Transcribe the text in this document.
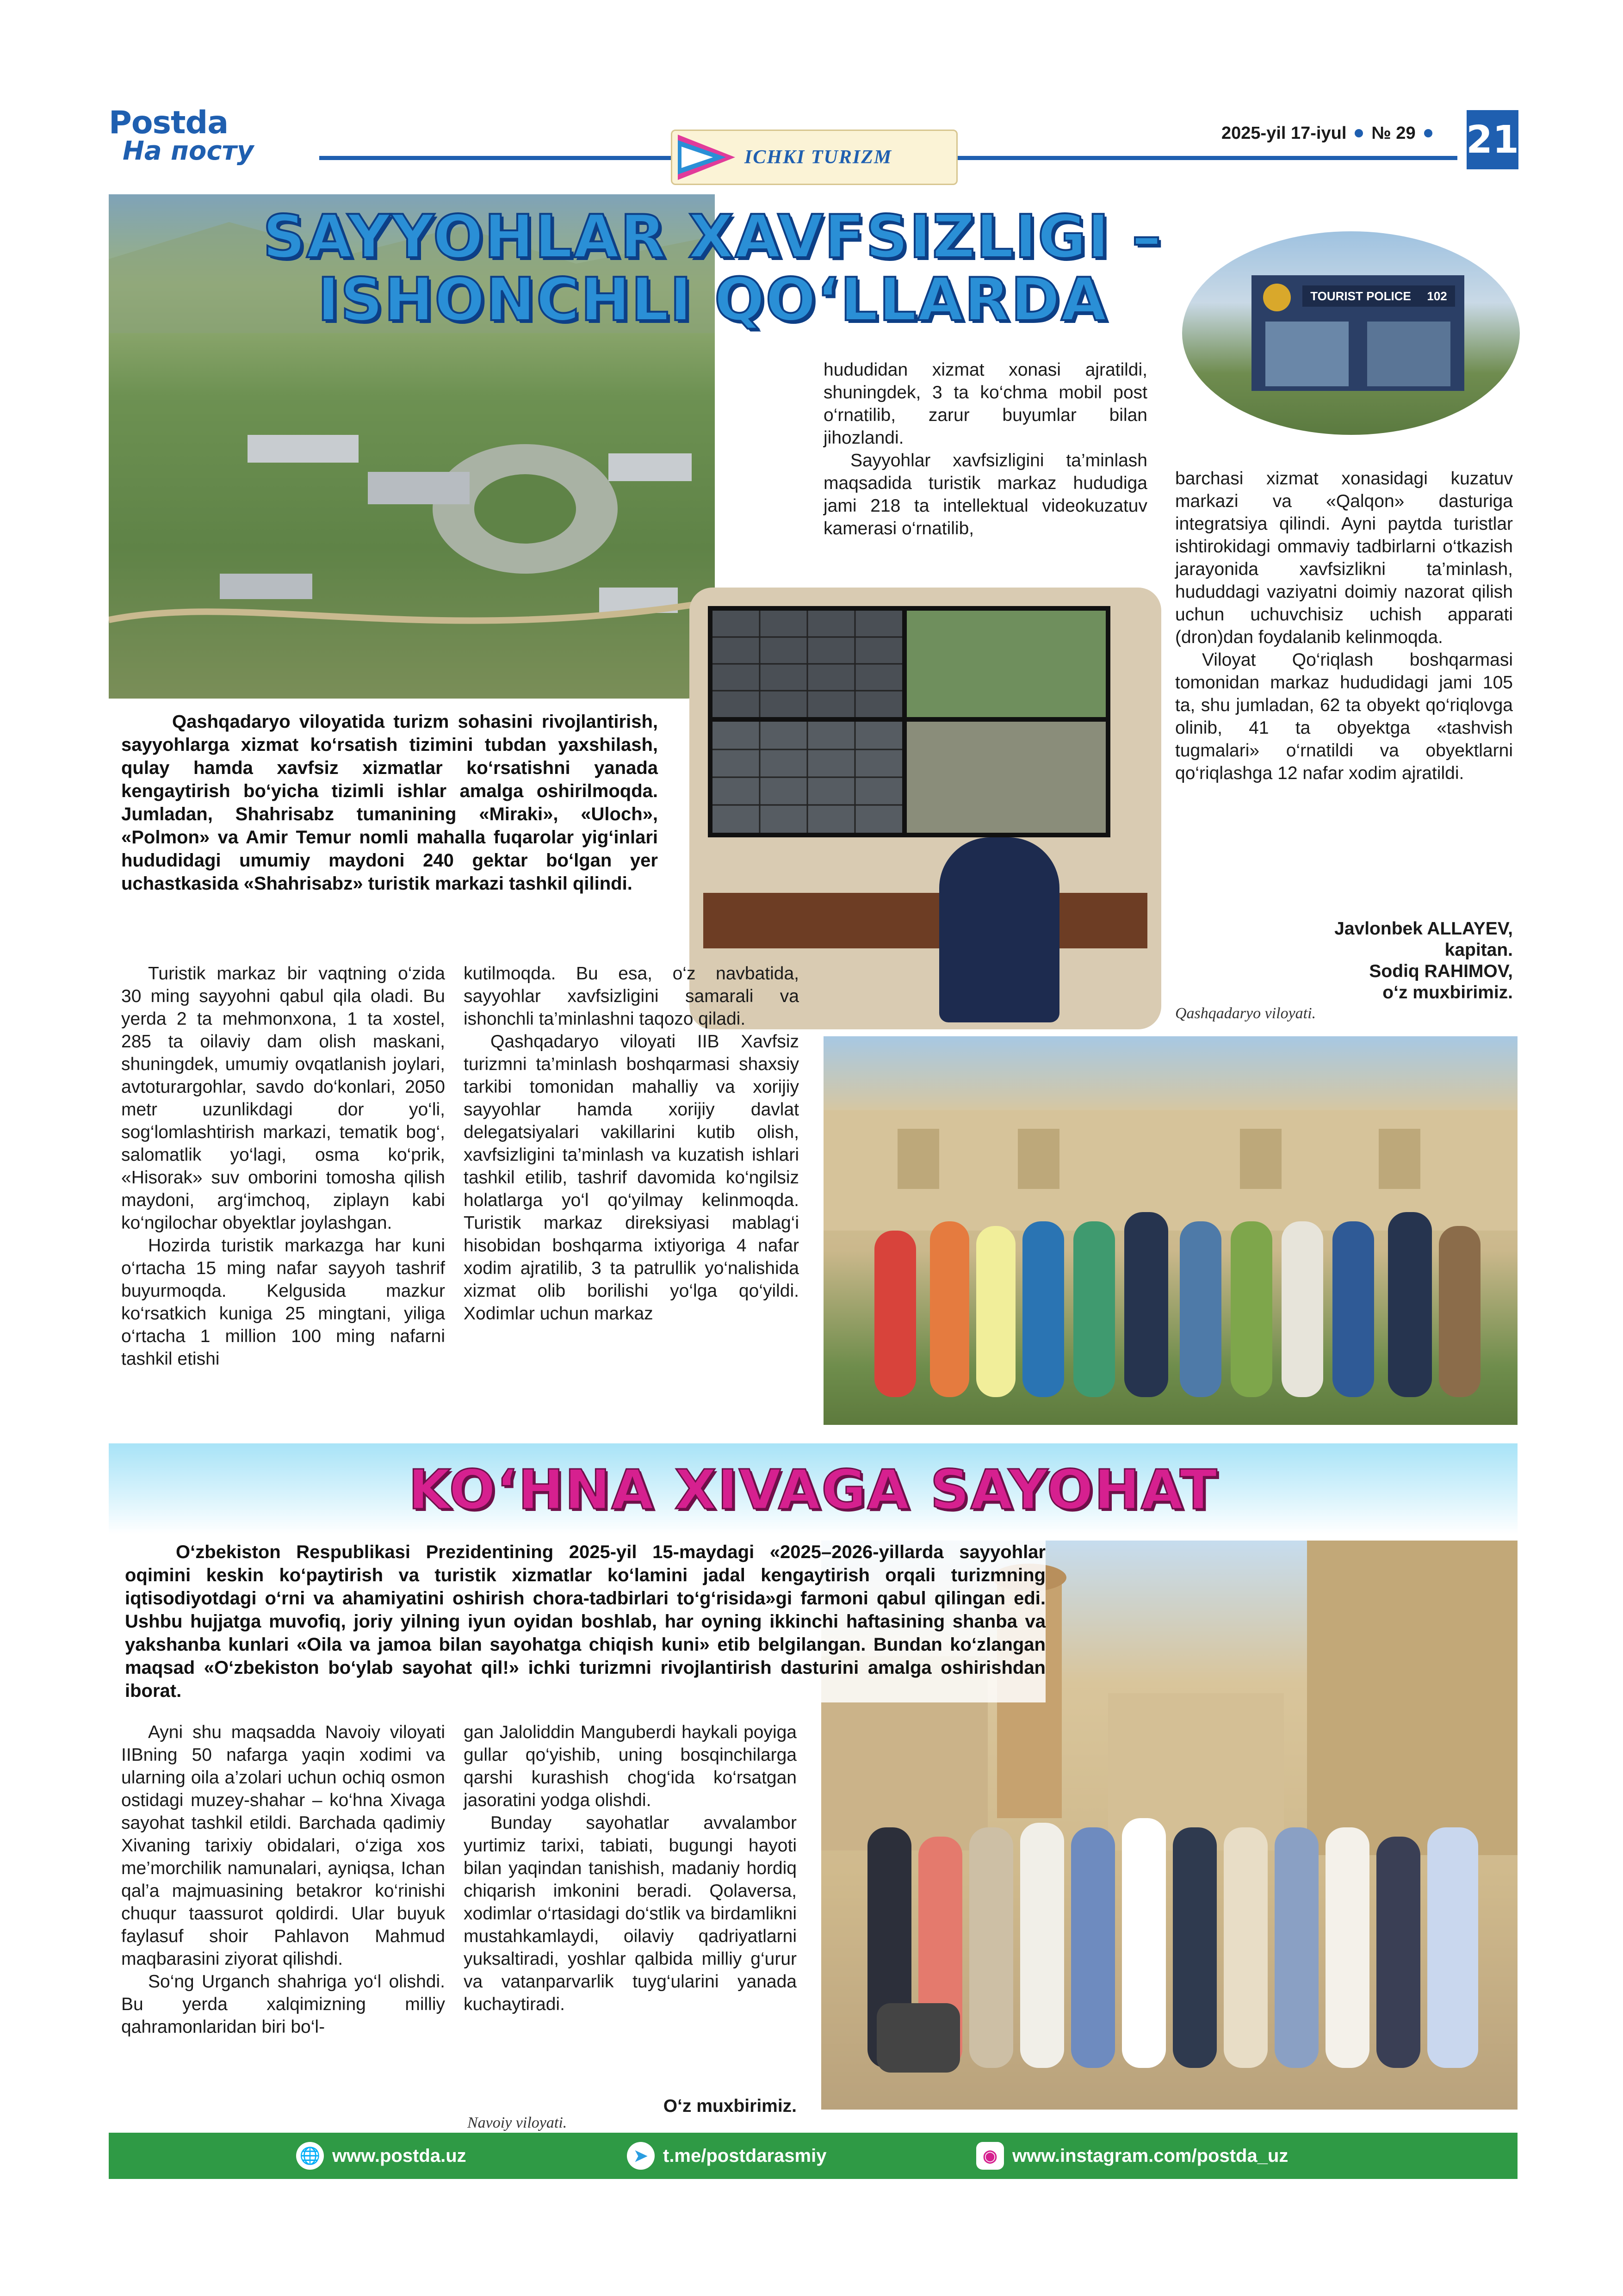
Postda
На посту	ICHKI TURIZM
2025-yil 17-iyul № 29 21
SAYYOHLAR XAVFSIZLIGI –
ISHONCHLI QO‘LLARDA	TOURIST POLICE 102

Qashqadaryo viloyatida turizm sohasini rivojlantirish, sayyohlarga xizmat ko‘rsatish tizimini tubdan yaxshilash, qulay hamda xavfsiz xizmatlar ko‘rsatishni yanada kengaytirish bo‘yicha tizimli ishlar amalga oshirilmoqda. Jumladan, Shahrisabz tumanining «Miraki», «Uloch», «Polmon» va Amir Temur nomli mahalla fuqarolar yig‘inlari hududidagi umumiy maydoni 240 gektar bo‘lgan yer uchastkasida «Shahrisabz» turistik markazi tashkil qilindi.

Turistik markaz bir vaqtning o‘zida 30 ming sayyohni qabul qila oladi. Bu yerda 2 ta mehmonxona, 1 ta xostel, 285 ta oilaviy dam olish maskani, shuningdek, umumiy ovqatlanish joylari, avtoturargohlar, savdo do‘konlari, 2050 metr uzunlikdagi dor yo‘li, sog‘lomlashtirish markazi, tematik bog‘, salomatlik yo‘lagi, osma ko‘prik, «Hisorak» suv omborini tomosha qilish maydoni, arg‘imchoq, ziplayn kabi ko‘ngilochar obyektlar joylashgan.

Hozirda turistik markazga har kuni o‘rtacha 15 ming nafar sayyoh tashrif buyurmoqda. Kelgusida mazkur ko‘rsatkich kuniga 25 mingtani, yiliga o‘rtacha 1 million 100 ming nafarni tashkil etishi

kutilmoqda. Bu esa, o‘z navbatida, sayyohlar xavfsizligini samarali va ishonchli ta’minlashni taqozo qiladi.

Qashqadaryo viloyati IIB Xavfsiz turizmni ta’minlash boshqarmasi shaxsiy tarkibi tomonidan mahalliy va xorijiy sayyohlar hamda xorijiy davlat delegatsiyalari vakillarini kutib olish, xavfsizligini ta’minlash va kuzatish ishlari tashkil etilib, tashrif davomida ko‘ngilsiz holatlarga yo‘l qo‘yilmay kelinmoqda. Turistik markaz direksiyasi mablag‘i hisobidan boshqarma ixtiyoriga 4 nafar xodim ajratilib, 3 ta patrullik yo‘nalishida xizmat olib borilishi yo‘lga qo‘yildi. Xodimlar uchun markaz

hududidan xizmat xonasi ajratildi, shuningdek, 3 ta ko‘chma mobil post o‘rnatilib, zarur buyumlar bilan jihozlandi.

Sayyohlar xavfsizligini ta’minlash maqsadida turistik markaz hududiga jami 218 ta intellektual videokuzatuv kamerasi o‘rnatilib,

barchasi xizmat xonasidagi kuzatuv markazi va «Qalqon» dasturiga integratsiya qilindi. Ayni paytda turistlar ishtirokidagi ommaviy tadbirlarni o‘tkazish jarayonida xavfsizlikni ta’minlash, hududdagi vaziyatni doimiy nazorat qilish uchun uchuvchisiz uchish apparati (dron)dan foydalanib kelinmoqda.

Viloyat Qo‘riqlash boshqarmasi tomonidan markaz hududidagi jami 105 ta, shu jumladan, 62 ta obyekt qo‘riqlovga olinib, 41 ta obyektga «tashvish tugmalari» o‘rnatildi va obyektlarni qo‘riqlashga 12 nafar xodim ajratildi.

Javlonbek ALLAYEV,
kapitan.
Sodiq RAHIMOV,
o‘z muxbirimiz.
Qashqadaryo viloyati.
KO‘HNA XIVAGA SAYOHAT

O‘zbekiston Respublikasi Prezidentining 2025-yil 15-maydagi «2025–2026-yillarda sayyohlar oqimini keskin ko‘paytirish va turistik xizmatlar ko‘lamini jadal kengaytirish orqali turizmning iqtisodiyotdagi o‘rni va ahamiyatini oshirish chora-tadbirlari to‘g‘risida»gi farmoni qabul qilingan edi. Ushbu hujjatga muvofiq, joriy yilning iyun oyidan boshlab, har oyning ikkinchi haftasining shanba va yakshanba kunlari «Oila va jamoa bilan sayohatga chiqish kuni» etib belgilangan. Bundan ko‘zlangan maqsad «O‘zbekiston bo‘ylab sayohat qil!» ichki turizmni rivojlantirish dasturini amalga oshirishdan iborat.

Ayni shu maqsadda Navoiy viloyati IIBning 50 nafarga yaqin xodimi va ularning oila a’zolari uchun ochiq osmon ostidagi muzey-shahar – ko‘hna Xivaga sayohat tashkil etildi. Barchada qadimiy Xivaning tarixiy obidalari, o‘ziga xos me’morchilik namunalari, ayniqsa, Ichan qal’a majmuasining betakror ko‘rinishi chuqur taassurot qoldirdi. Ular buyuk faylasuf shoir Pahlavon Mahmud maqbarasini ziyorat qilishdi.

So‘ng Urganch shahriga yo‘l olishdi. Bu yerda xalqimizning milliy qahramonlaridan biri bo‘l-

gan Jaloliddin Manguberdi haykali poyiga gullar qo‘yishib, uning bosqinchilarga qarshi kurashish chog‘ida ko‘rsatgan jasoratini yodga olishdi.

Bunday sayohatlar avvalambor yurtimiz tarixi, tabiati, bugungi hayoti bilan yaqindan tanishish, madaniy hordiq chiqarish imkonini beradi. Qolaversa, xodimlar o‘rtasidagi do‘stlik va birdamlikni mustahkamlaydi, oilaviy qadriyatlarni yuksaltiradi, yoshlar qalbida milliy g‘urur va vatanparvarlik tuyg‘ularini yanada kuchaytiradi.

O‘z muxbirimiz.
Navoiy viloyati.
🌐 www.postda.uz	➤ t.me/postdarasmiy	◉ www.instagram.com/postda_uz
